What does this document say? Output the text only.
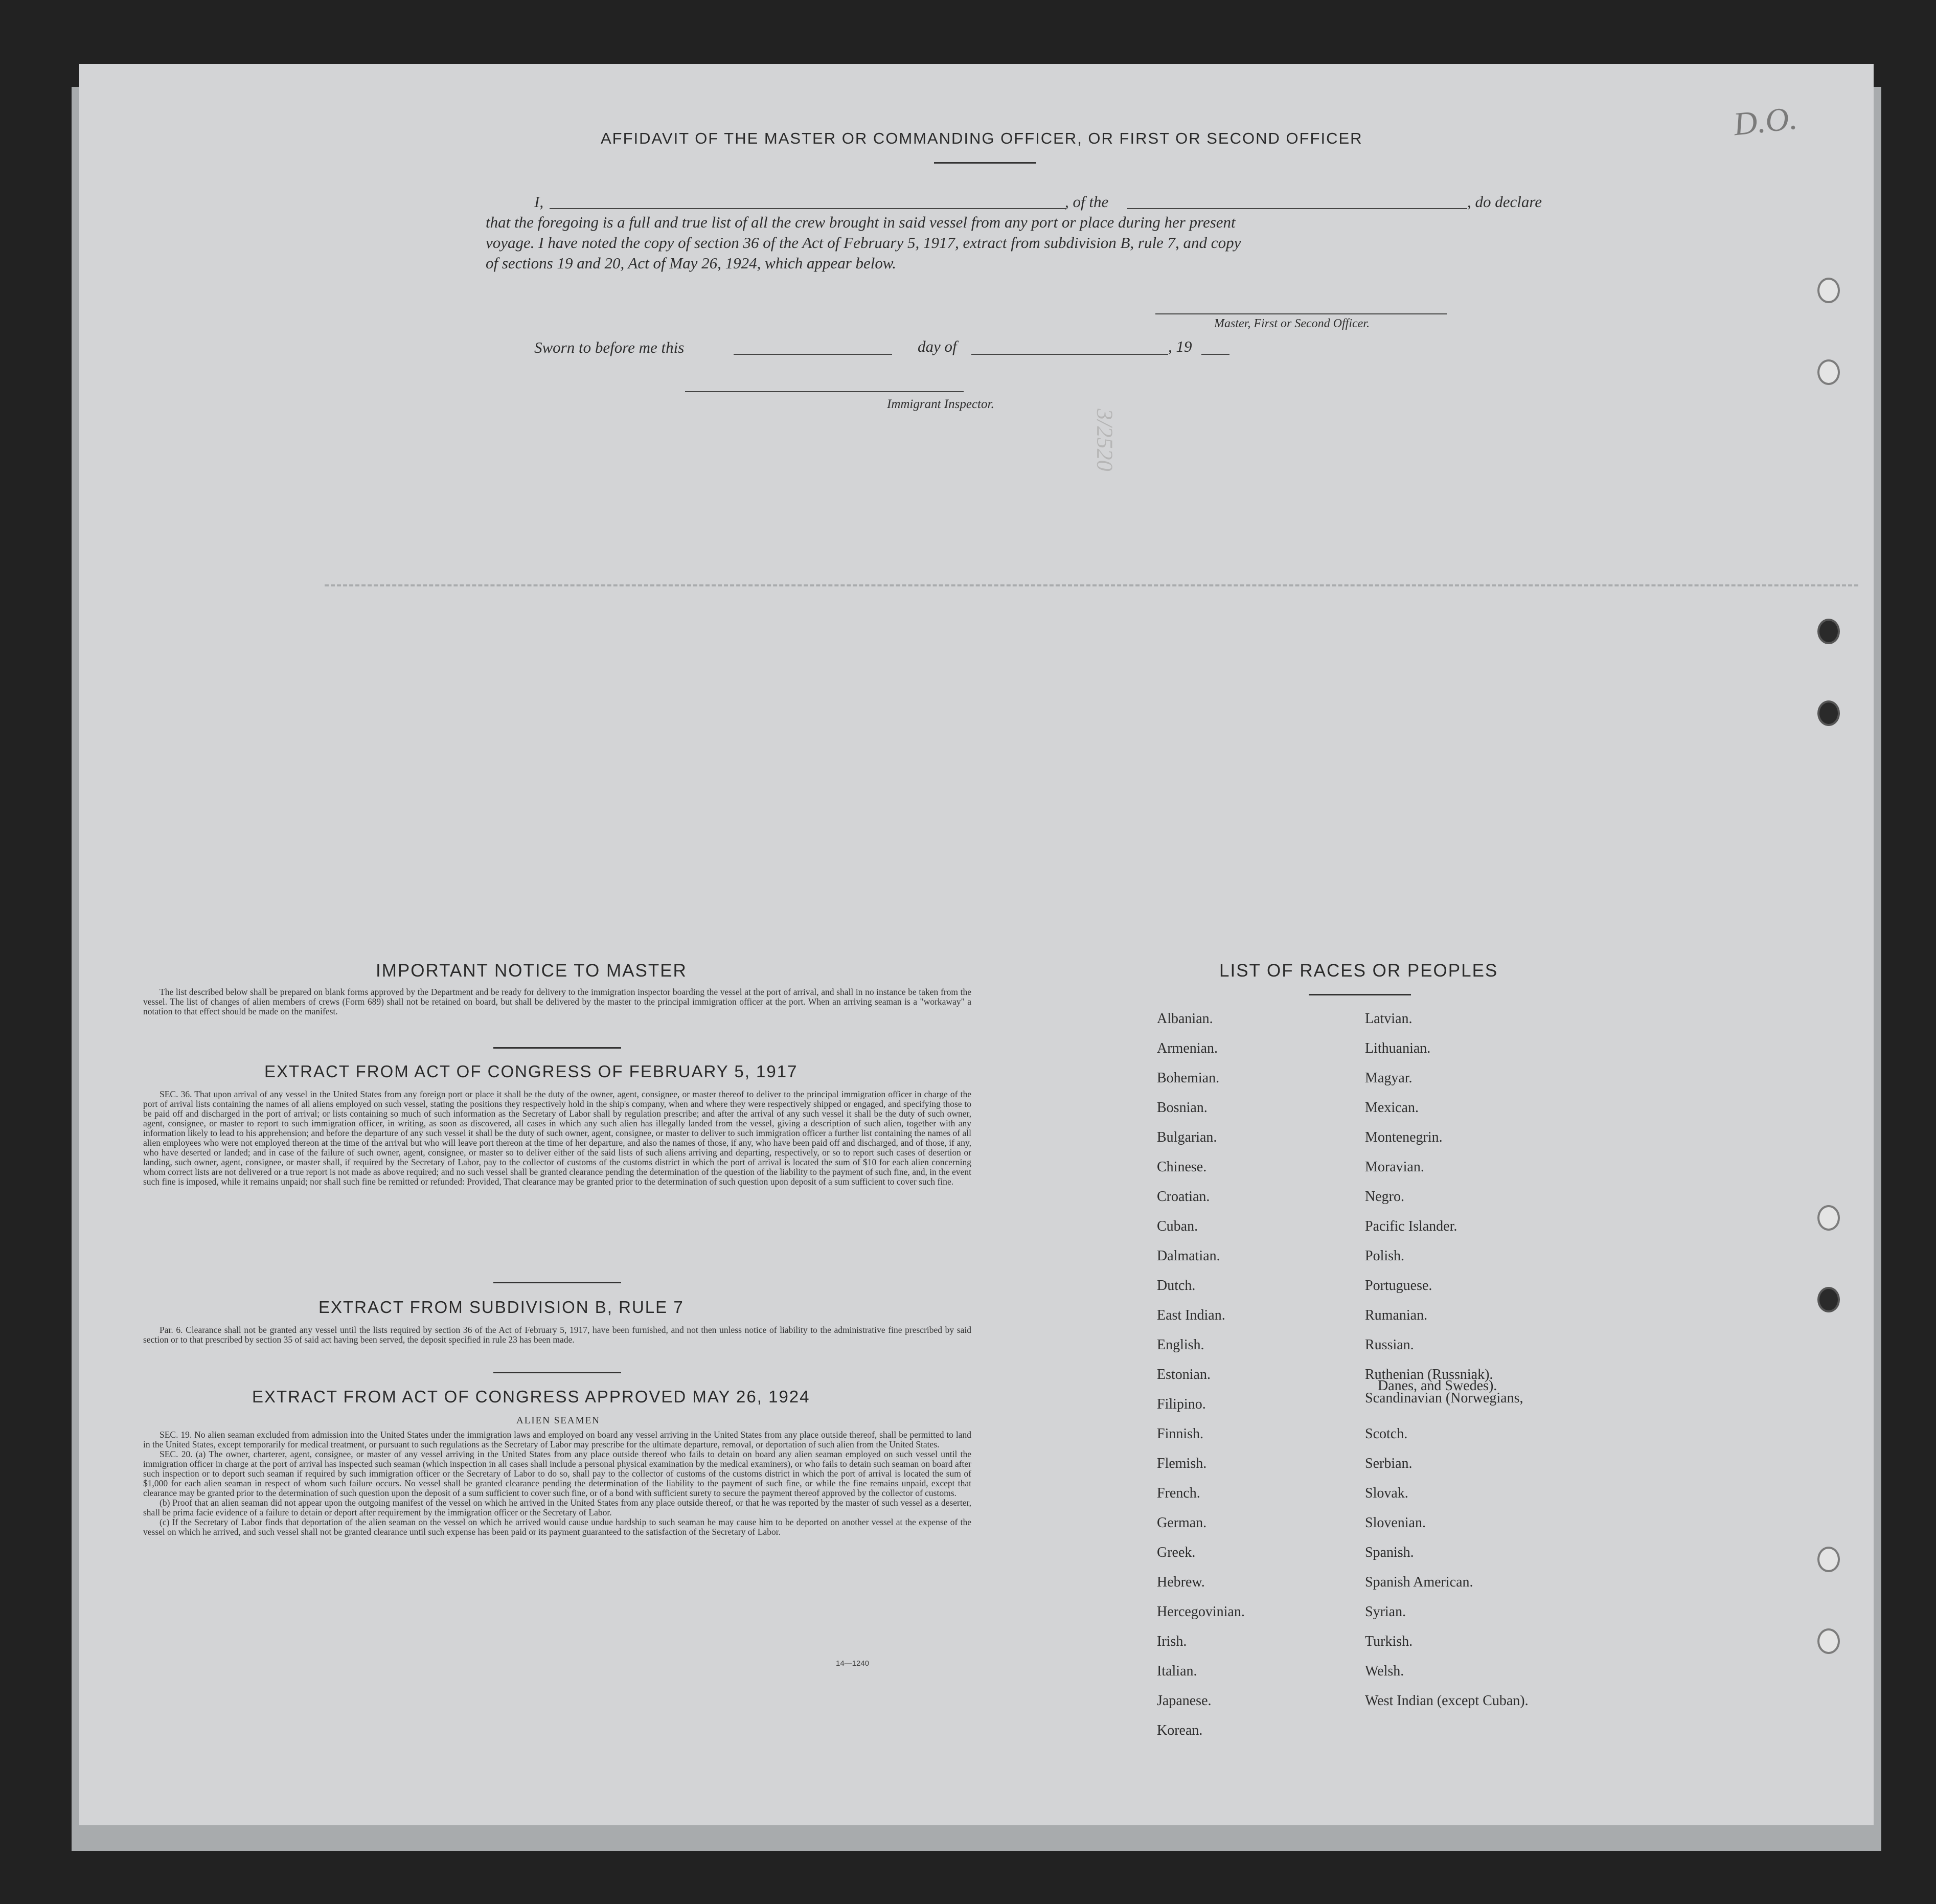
D.O.
AFFIDAVIT OF THE MASTER OR COMMANDING OFFICER, OR FIRST OR SECOND OFFICER
I,	, of the	, do declare
that the foregoing is a full and true list of all the crew brought in said vessel from any port or place during her present
voyage. I have noted the copy of section 36 of the Act of February 5, 1917, extract from subdivision B, rule 7, and copy
of sections 19 and 20, Act of May 26, 1924, which appear below.
Master, First or Second Officer.
Sworn to before me this	day of	, 19
Immigrant Inspector.
3/2520
IMPORTANT NOTICE TO MASTER

The list described below shall be prepared on blank forms approved by the Department and be ready for delivery to the immigration inspector boarding the vessel at the port of arrival, and shall in no instance be taken from the vessel. The list of changes of alien members of crews (Form 689) shall not be retained on board, but shall be delivered by the master to the principal immigration officer at the port. When an arriving seaman is a "workaway" a notation to that effect should be made on the manifest.

EXTRACT FROM ACT OF CONGRESS OF FEBRUARY 5, 1917

SEC. 36. That upon arrival of any vessel in the United States from any foreign port or place it shall be the duty of the owner, agent, consignee, or master thereof to deliver to the principal immigration officer in charge of the port of arrival lists containing the names of all aliens employed on such vessel, stating the positions they respectively hold in the ship's company, when and where they were respectively shipped or engaged, and specifying those to be paid off and discharged in the port of arrival; or lists containing so much of such information as the Secretary of Labor shall by regulation prescribe; and after the arrival of any such vessel it shall be the duty of such owner, agent, consignee, or master to report to such immigration officer, in writing, as soon as discovered, all cases in which any such alien has illegally landed from the vessel, giving a description of such alien, together with any information likely to lead to his apprehension; and before the departure of any such vessel it shall be the duty of such owner, agent, consignee, or master to deliver to such immigration officer a further list containing the names of all alien employees who were not employed thereon at the time of the arrival but who will leave port thereon at the time of her departure, and also the names of those, if any, who have been paid off and discharged, and of those, if any, who have deserted or landed; and in case of the failure of such owner, agent, consignee, or master so to deliver either of the said lists of such aliens arriving and departing, respectively, or so to report such cases of desertion or landing, such owner, agent, consignee, or master shall, if required by the Secretary of Labor, pay to the collector of customs of the customs district in which the port of arrival is located the sum of $10 for each alien concerning whom correct lists are not delivered or a true report is not made as above required; and no such vessel shall be granted clearance pending the determination of the question of the liability to the payment of such fine, and, in the event such fine is imposed, while it remains unpaid; nor shall such fine be remitted or refunded: Provided, That clearance may be granted prior to the determination of such question upon deposit of a sum sufficient to cover such fine.

EXTRACT FROM SUBDIVISION B, RULE 7

Par. 6. Clearance shall not be granted any vessel until the lists required by section 36 of the Act of February 5, 1917, have been furnished, and not then unless notice of liability to the administrative fine prescribed by said section or to that prescribed by section 35 of said act having been served, the deposit specified in rule 23 has been made.

EXTRACT FROM ACT OF CONGRESS APPROVED MAY 26, 1924
ALIEN SEAMEN

SEC. 19. No alien seaman excluded from admission into the United States under the immigration laws and employed on board any vessel arriving in the United States from any place outside thereof, shall be permitted to land in the United States, except temporarily for medical treatment, or pursuant to such regulations as the Secretary of Labor may prescribe for the ultimate departure, removal, or deportation of such alien from the United States.

SEC. 20. (a) The owner, charterer, agent, consignee, or master of any vessel arriving in the United States from any place outside thereof who fails to detain on board any alien seaman employed on such vessel until the immigration officer in charge at the port of arrival has inspected such seaman (which inspection in all cases shall include a personal physical examination by the medical examiners), or who fails to detain such seaman on board after such inspection or to deport such seaman if required by such immigration officer or the Secretary of Labor to do so, shall pay to the collector of customs of the customs district in which the port of arrival is located the sum of $1,000 for each alien seaman in respect of whom such failure occurs. No vessel shall be granted clearance pending the determination of the liability to the payment of such fine, or while the fine remains unpaid, except that clearance may be granted prior to the determination of such question upon the deposit of a sum sufficient to cover such fine, or of a bond with sufficient surety to secure the payment thereof approved by the collector of customs.

(b) Proof that an alien seaman did not appear upon the outgoing manifest of the vessel on which he arrived in the United States from any place outside thereof, or that he was reported by the master of such vessel as a deserter, shall be prima facie evidence of a failure to detain or deport after requirement by the immigration officer or the Secretary of Labor.

(c) If the Secretary of Labor finds that deportation of the alien seaman on the vessel on which he arrived would cause undue hardship to such seaman he may cause him to be deported on another vessel at the expense of the vessel on which he arrived, and such vessel shall not be granted clearance until such expense has been paid or its payment guaranteed to the satisfaction of the Secretary of Labor.

14—1240
LIST OF RACES OR PEOPLES
Albanian.
Armenian.
Bohemian.
Bosnian.
Bulgarian.
Chinese.
Croatian.
Cuban.
Dalmatian.
Dutch.
East Indian.
English.
Estonian.
Filipino.
Finnish.
Flemish.
French.
German.
Greek.
Hebrew.
Hercegovinian.
Irish.
Italian.
Japanese.
Korean.
Latvian.
Lithuanian.
Magyar.
Mexican.
Montenegrin.
Moravian.
Negro.
Pacific Islander.
Polish.
Portuguese.
Rumanian.
Russian.
Ruthenian (Russniak).
Scandinavian (Norwegians,
Danes, and Swedes).
Scotch.
Serbian.
Slovak.
Slovenian.
Spanish.
Spanish American.
Syrian.
Turkish.
Welsh.
West Indian (except Cuban).
